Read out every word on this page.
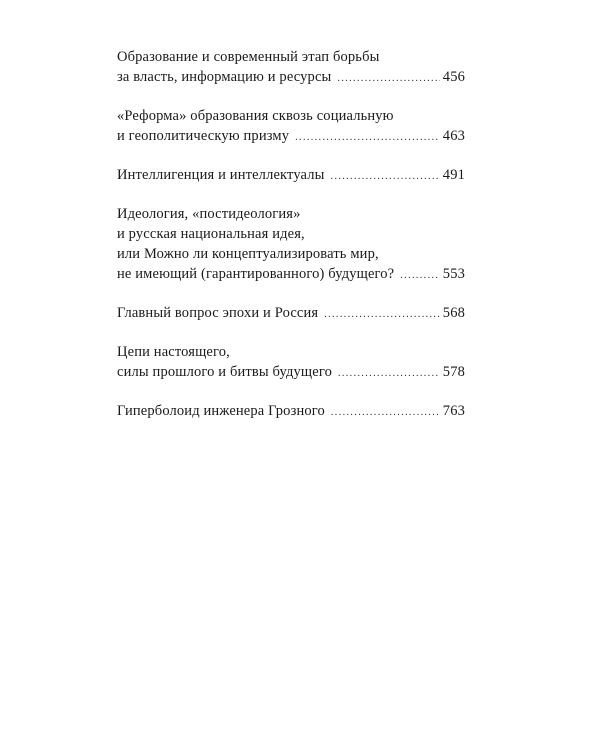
Образование и современный этап борьбы
за власть, информацию и ресурсы .....	456
«Реформа» образования сквозь социальную
и геополитическую призму .....	463
Интеллигенция и интеллектуалы .....	491
Идеология, «постидеология»
и русская национальная идея,
или Можно ли концептуализировать мир,
не имеющий (гарантированного) будущего? .....	553
Главный вопрос эпохи и Россия .....	568
Цепи настоящего,
силы прошлого и битвы будущего .....	578
Гиперболоид инженера Грозного .....	763
